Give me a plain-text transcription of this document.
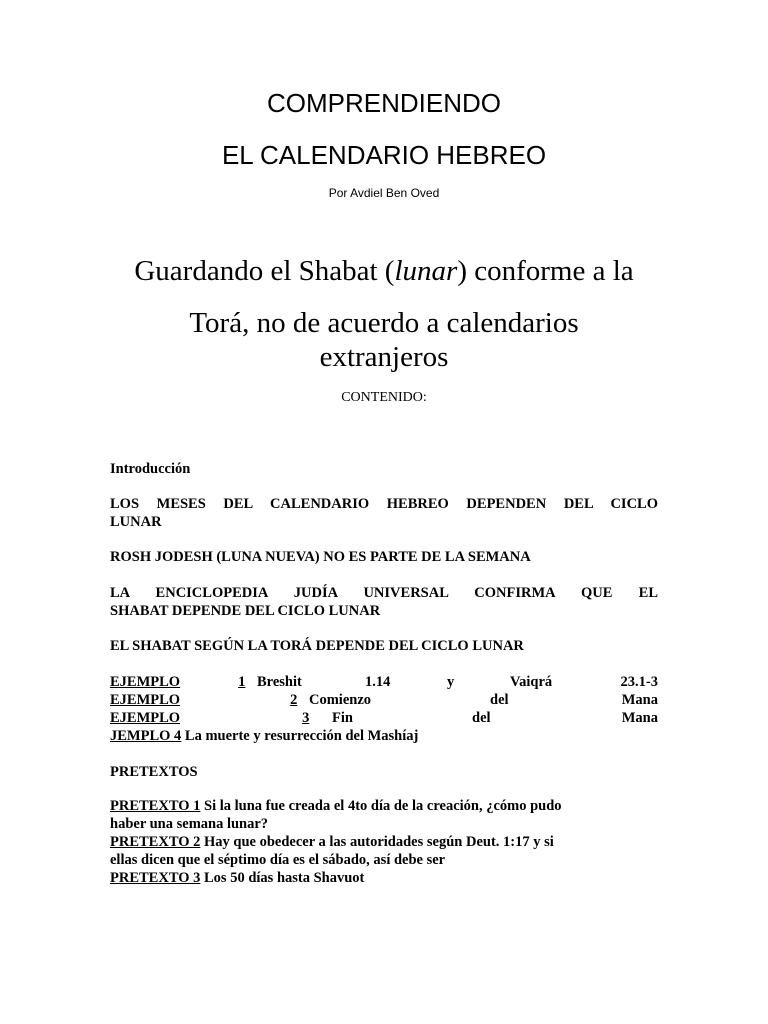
COMPRENDIENDO
EL CALENDARIO HEBREO
Por Avdiel Ben Oved
Guardando el Shabat (lunar) conforme a la
Torá, no de acuerdo a calendarios
extranjeros
CONTENIDO:
Introducción
LOS MESES DEL CALENDARIO HEBREO DEPENDEN DEL CICLO
LUNAR
ROSH JODESH (LUNA NUEVA) NO ES PARTE DE LA SEMANA
LA ENCICLOPEDIA JUDÍA UNIVERSAL CONFIRMA QUE EL
SHABAT DEPENDE DEL CICLO LUNAR
EL SHABAT SEGÚN LA TORÁ DEPENDE DEL CICLO LUNAR
EJEMPLO	1 Breshit	1.14	y	Vaiqrá	23.1-3
EJEMPLO	2 Comienzo	del	Mana
EJEMPLO	3 Fin	del	Mana
JEMPLO 4 La muerte y resurrección del Mashíaj
PRETEXTOS
PRETEXTO 1 Si la luna fue creada el 4to día de la creación, ¿cómo pudo
haber una semana lunar?
PRETEXTO 2 Hay que obedecer a las autoridades según Deut. 1:17 y si
ellas dicen que el séptimo día es el sábado, así debe ser
PRETEXTO 3 Los 50 días hasta Shavuot
